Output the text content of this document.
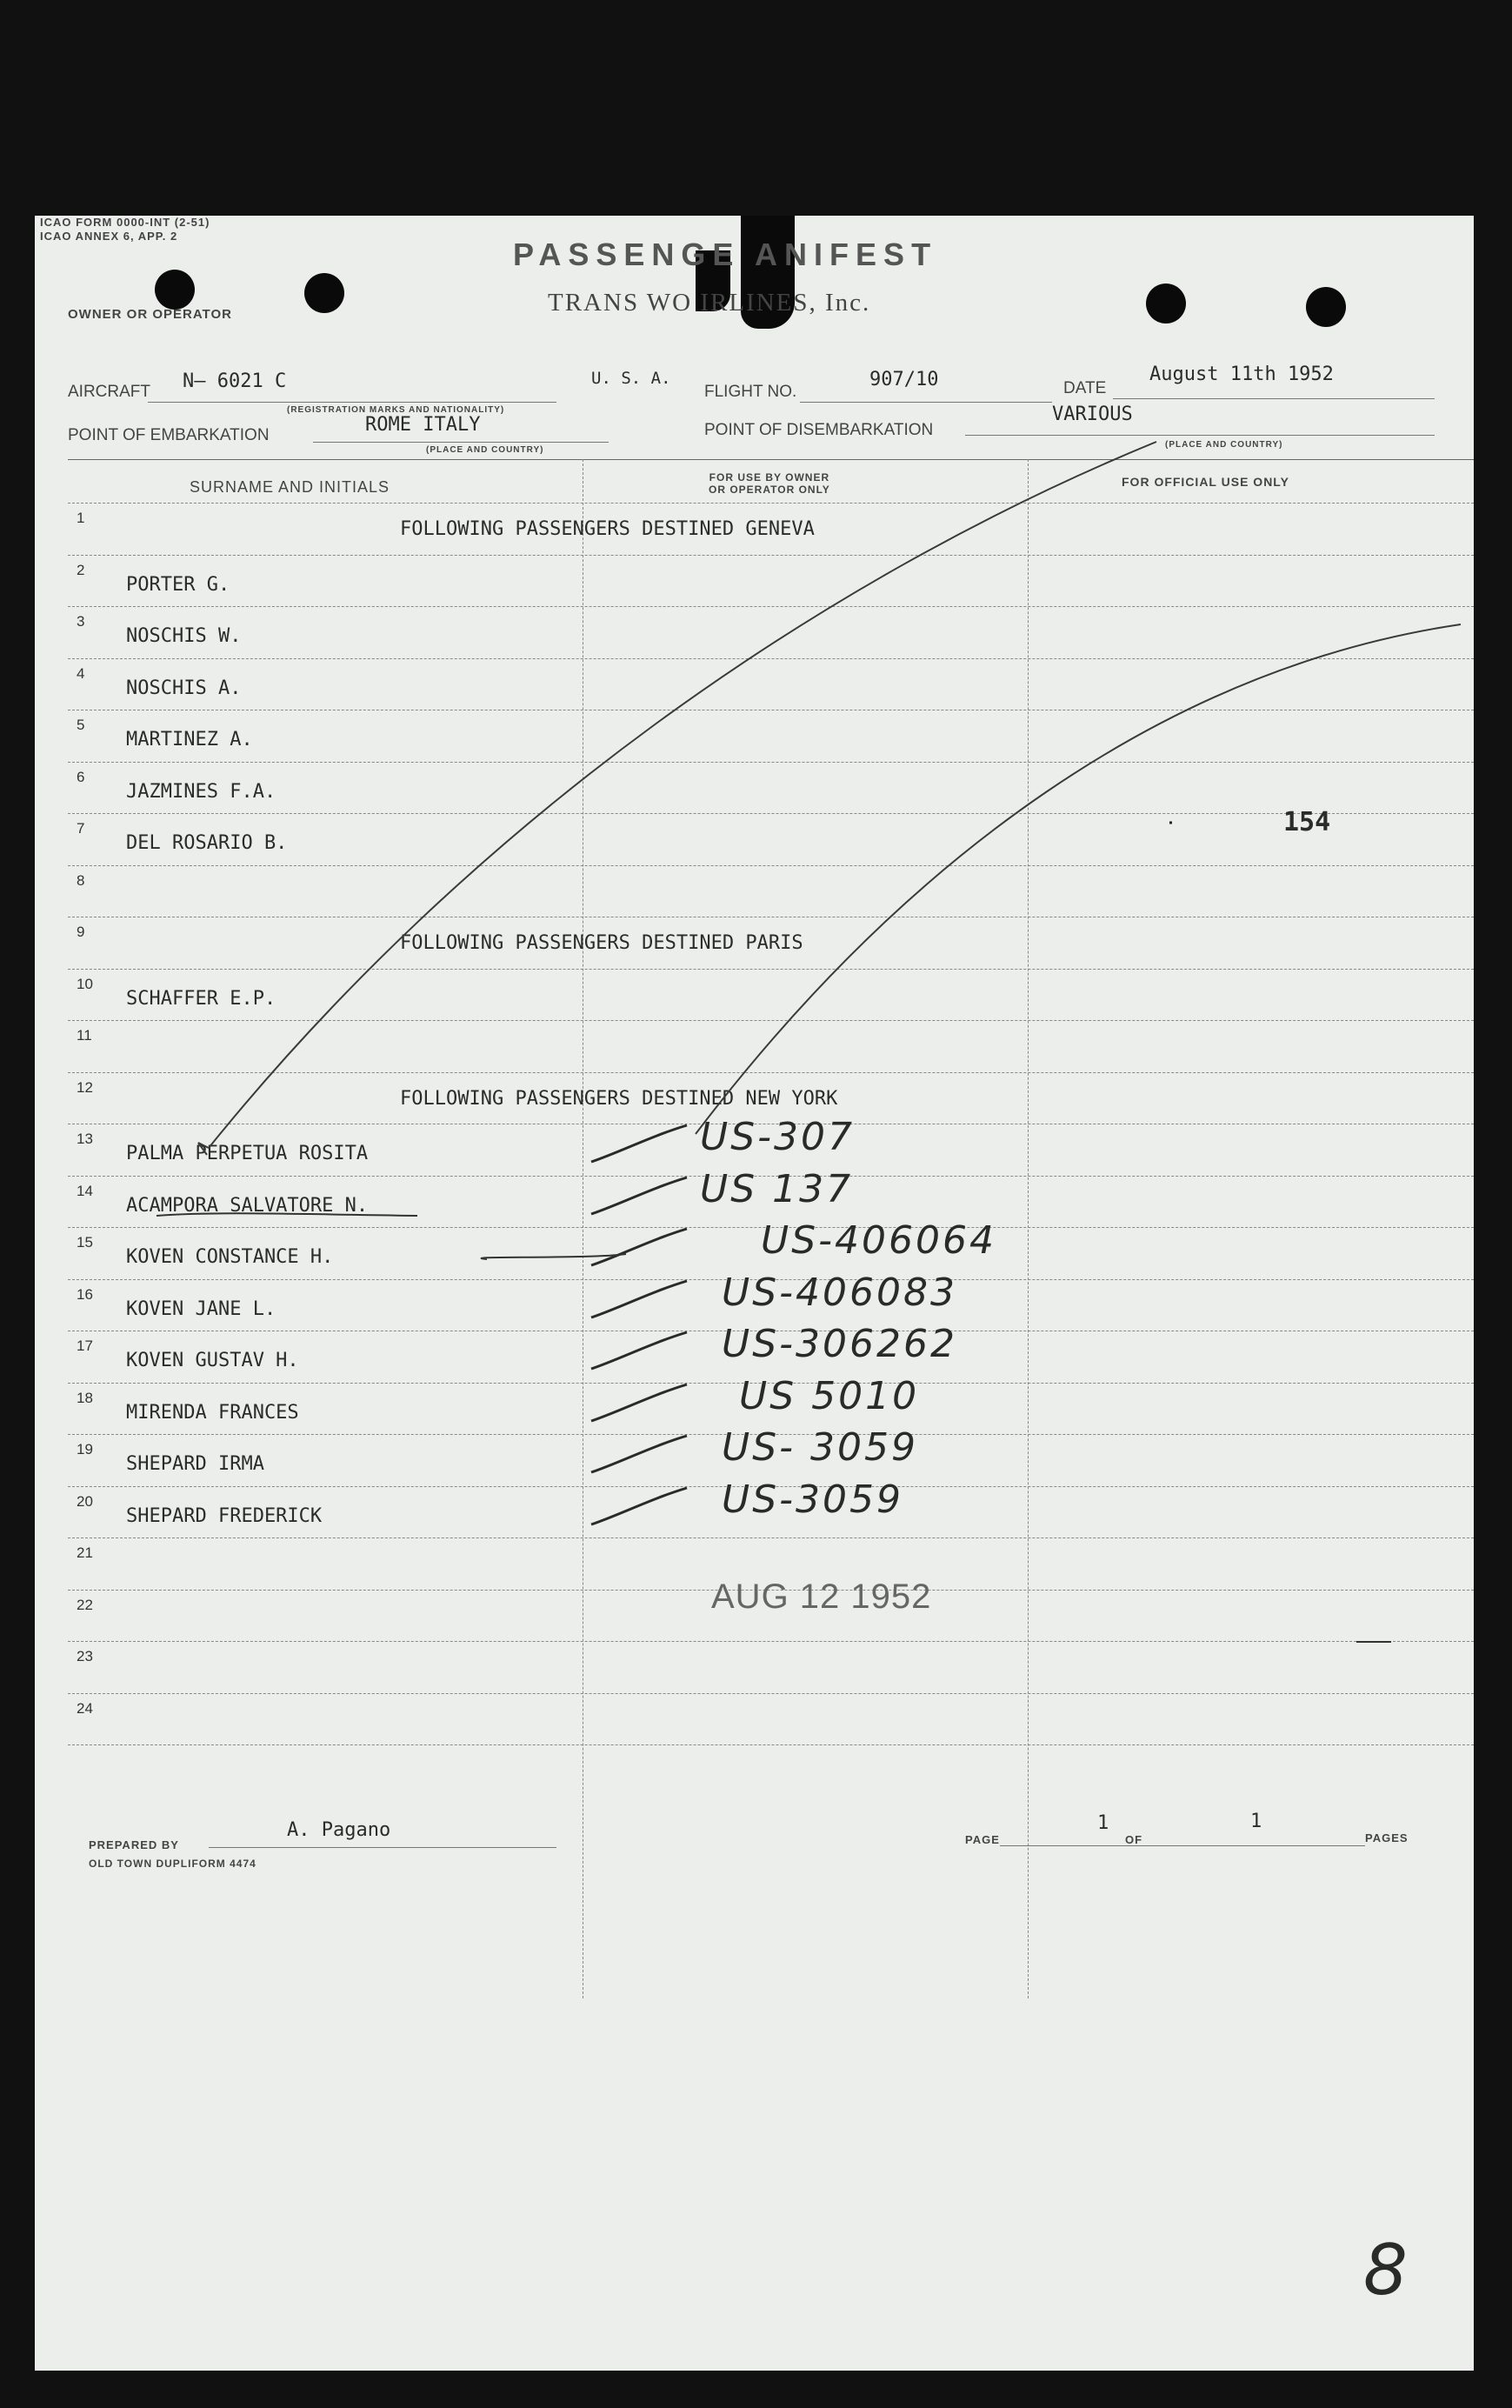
ICAO FORM 0000-INT (2-51)
ICAO ANNEX 6, APP. 2
OWNER OR OPERATOR
PASSENGE ANIFEST
TRANS WO IRLINES, Inc.
AIRCRAFT N— 6021 C	U. S. A.
(REGISTRATION MARKS AND NATIONALITY)
FLIGHT NO.
907/10	DATE
August 11th 1952
POINT OF EMBARKATION	ROME ITALY
(PLACE AND COUNTRY)
POINT OF DISEMBARKATION
VARIOUS
(PLACE AND COUNTRY)
SURNAME AND INITIALS
FOR USE BY OWNER
OR OPERATOR ONLY
FOR OFFICIAL USE ONLY
1
FOLLOWING PASSENGERS DESTINED GENEVA
2
PORTER G.
3
NOSCHIS W.
4
NOSCHIS A.
5
MARTINEZ A.
6
JAZMINES F.A.
7
DEL ROSARIO B.
8
9
FOLLOWING PASSENGERS DESTINED PARIS
10
SCHAFFER E.P.
11
12
FOLLOWING PASSENGERS DESTINED NEW YORK
13
PALMA PERPETUA ROSITA	US-307
14
ACAMPORA SALVATORE N.	US 137
15
KOVEN CONSTANCE H.	US-406064
16
KOVEN JANE L.	US-406083
17
KOVEN GUSTAV H.	US-306262
18
MIRENDA FRANCES	US 5010
19
SHEPARD IRMA	US- 3059
20
SHEPARD FREDERICK	US-3059
21
22
23
24
154
AUG 12 1952
PREPARED BY
A. Pagano	PAGE
1
OF
1
PAGES
OLD TOWN DUPLIFORM 4474
8
